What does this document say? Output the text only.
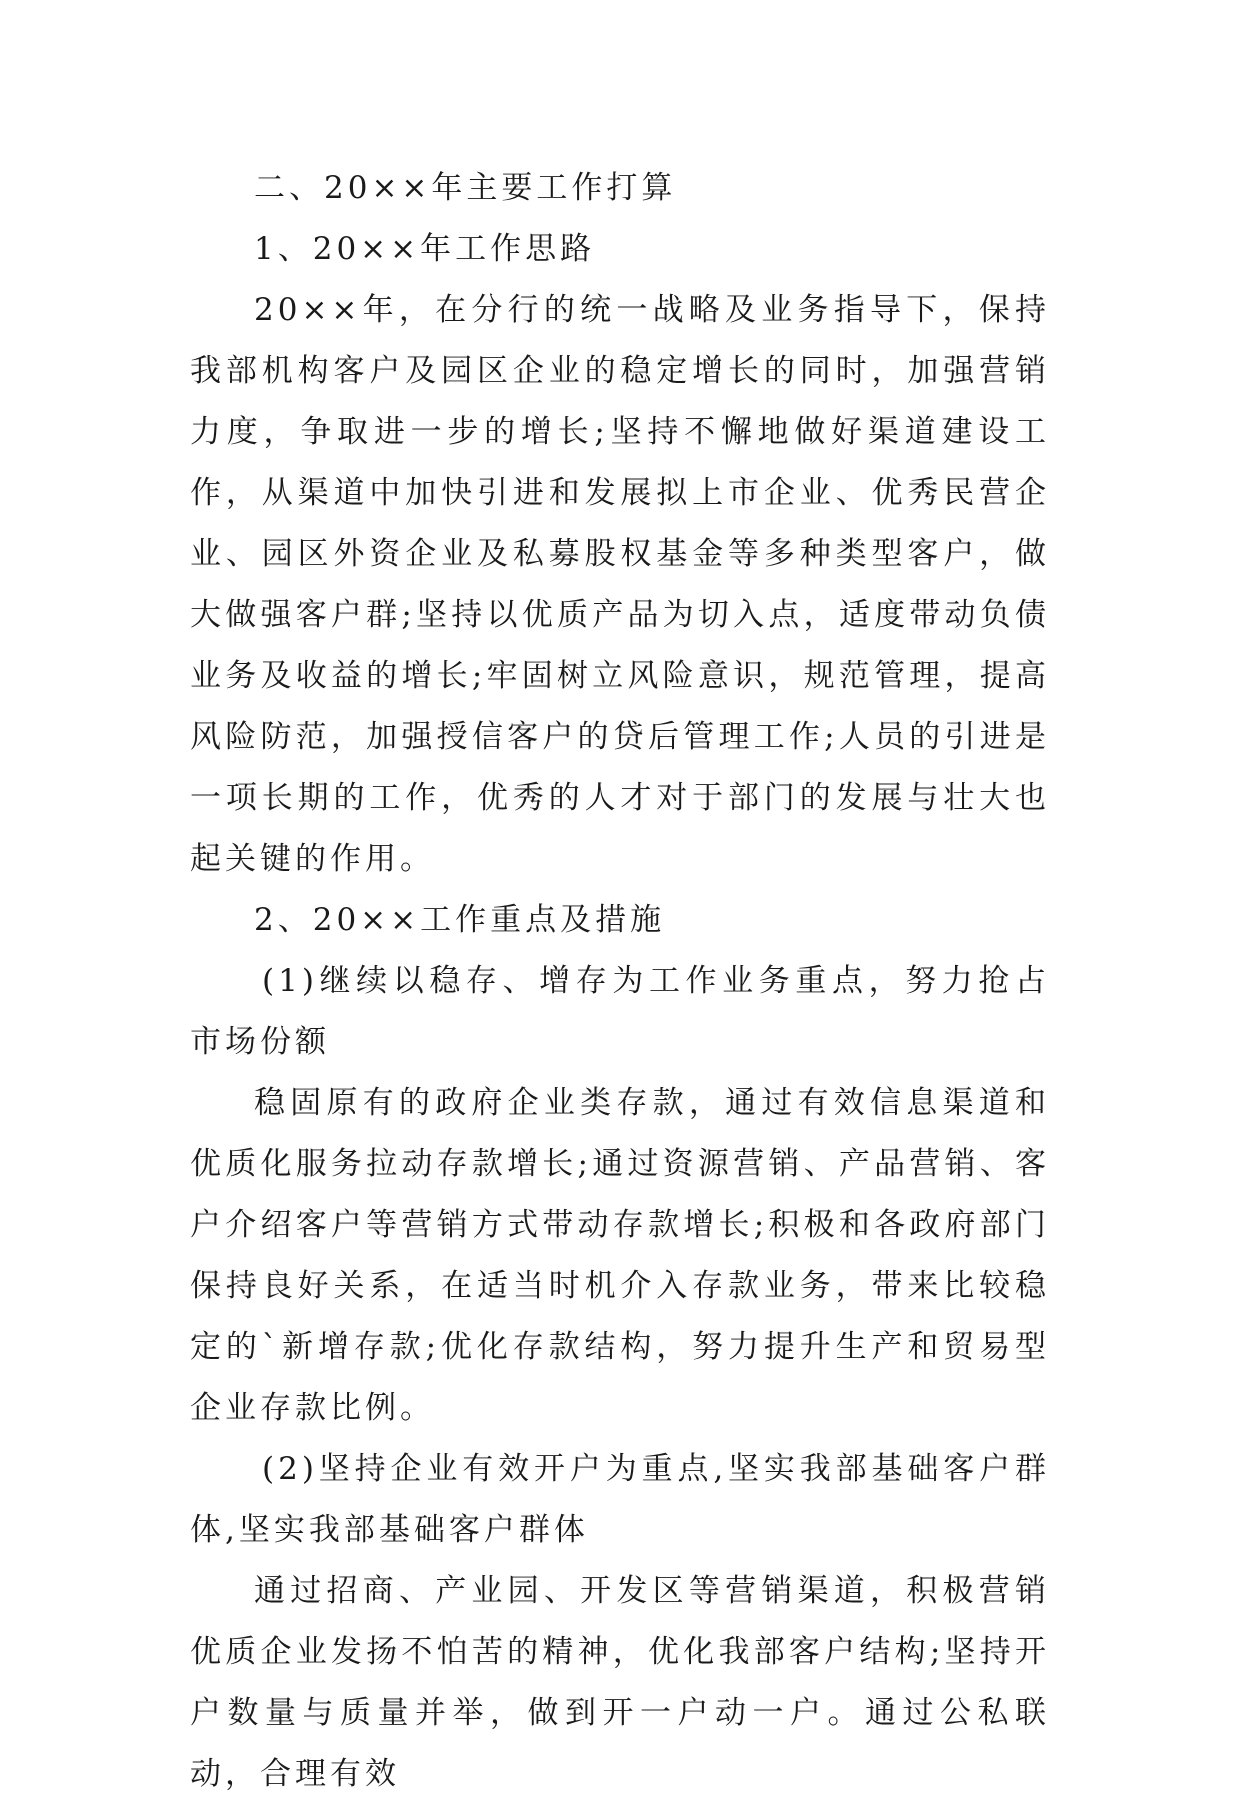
二、20××年主要工作打算

1、20××年工作思路

20××年，在分行的统一战略及业务指导下，保持我部机构客户及园区企业的稳定增长的同时，加强营销力度，争取进一步的增长;坚持不懈地做好渠道建设工作，从渠道中加快引进和发展拟上市企业、优秀民营企业、园区外资企业及私募股权基金等多种类型客户，做大做强客户群;坚持以优质产品为切入点，适度带动负债业务及收益的增长;牢固树立风险意识，规范管理，提高风险防范，加强授信客户的贷后管理工作;人员的引进是一项长期的工作，优秀的人才对于部门的发展与壮大也起关键的作用。

2、20××工作重点及措施

(1)继续以稳存、增存为工作业务重点，努力抢占市场份额

稳固原有的政府企业类存款，通过有效信息渠道和优质化服务拉动存款增长;通过资源营销、产品营销、客户介绍客户等营销方式带动存款增长;积极和各政府部门保持良好关系，在适当时机介入存款业务，带来比较稳定的`新增存款;优化存款结构，努力提升生产和贸易型企业存款比例。

(2)坚持企业有效开户为重点,坚实我部基础客户群体,坚实我部基础客户群体

通过招商、产业园、开发区等营销渠道，积极营销优质企业发扬不怕苦的精神，优化我部客户结构;坚持开户数量与质量并举，做到开一户动一户。通过公私联动，合理有效
